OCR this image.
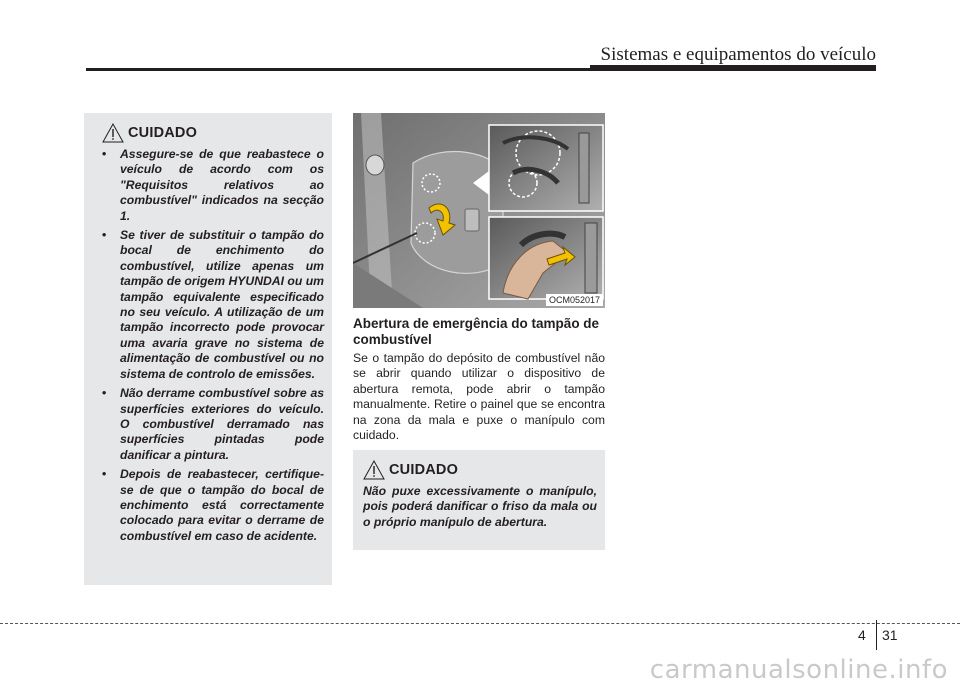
Sistemas e equipamentos do veículo
CUIDADO
• Assegure-se de que reabastece o veículo de acordo com os "Requisitos relativos ao combustível" indicados na secção 1.
• Se tiver de substituir o tampão do bocal de enchimento do combustível, utilize apenas um tampão de origem HYUNDAI ou um tampão equivalente especificado no seu veículo. A utilização de um tampão incorrecto pode provocar uma avaria grave no sistema de alimentação de combustível ou no sistema de controlo de emissões.
• Não derrame combustível sobre as superfícies exteriores do veículo. O combustível derramado nas superfícies pintadas pode danificar a pintura.
• Depois de reabastecer, certifique-se de que o tampão do bocal de enchimento está correctamente colocado para evitar o derrame de combustível em caso de acidente.
OCM052017
Abertura de emergência do tampão de combustível
Se o tampão do depósito de combustível não se abrir quando utilizar o dispositivo de abertura remota, pode abrir o tampão manualmente. Retire o painel que se encontra na zona da mala e puxe o manípulo com cuidado.
CUIDADO
Não puxe excessivamente o manípulo, pois poderá danificar o friso da mala ou o próprio manípulo de abertura.
4 31
carmanualsonline.info
